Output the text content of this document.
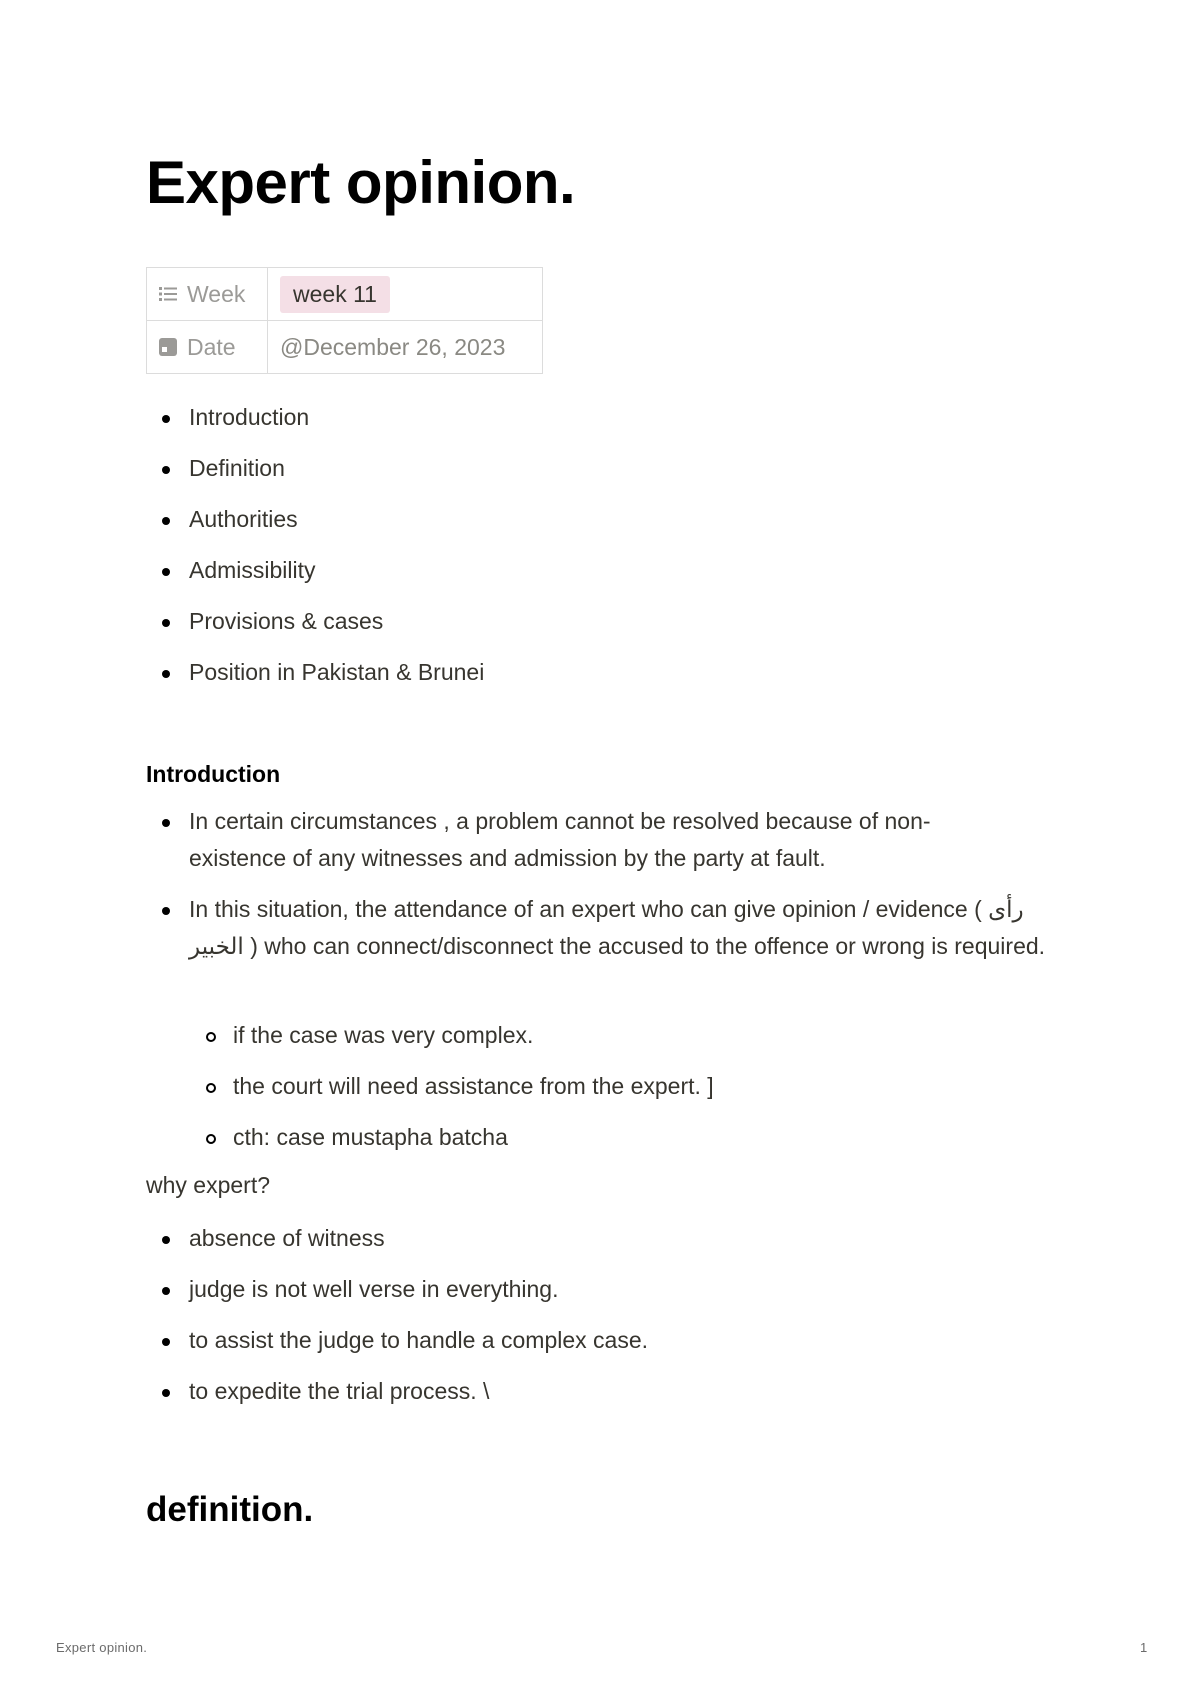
Expert opinion.
Week	week 11

Date	@December 26, 2023
Introduction
Definition
Authorities
Admissibility
Provisions & cases
Position in Pakistan & Brunei

Introduction

In certain circumstances , a problem cannot be resolved because of non-existence of any witnesses and admission by the party at fault.
In this situation, the attendance of an expert who can give opinion / evidence ( رأى الخبير ) who can connect/disconnect the accused to the offence or wrong is required.
if the case was very complex.
the court will need assistance from the expert. ]
cth: case mustapha batcha

why expert?

absence of witness
judge is not well verse in everything.
to assist the judge to handle a complex case.
to expedite the trial process. \
definition.
Expert opinion.	1
